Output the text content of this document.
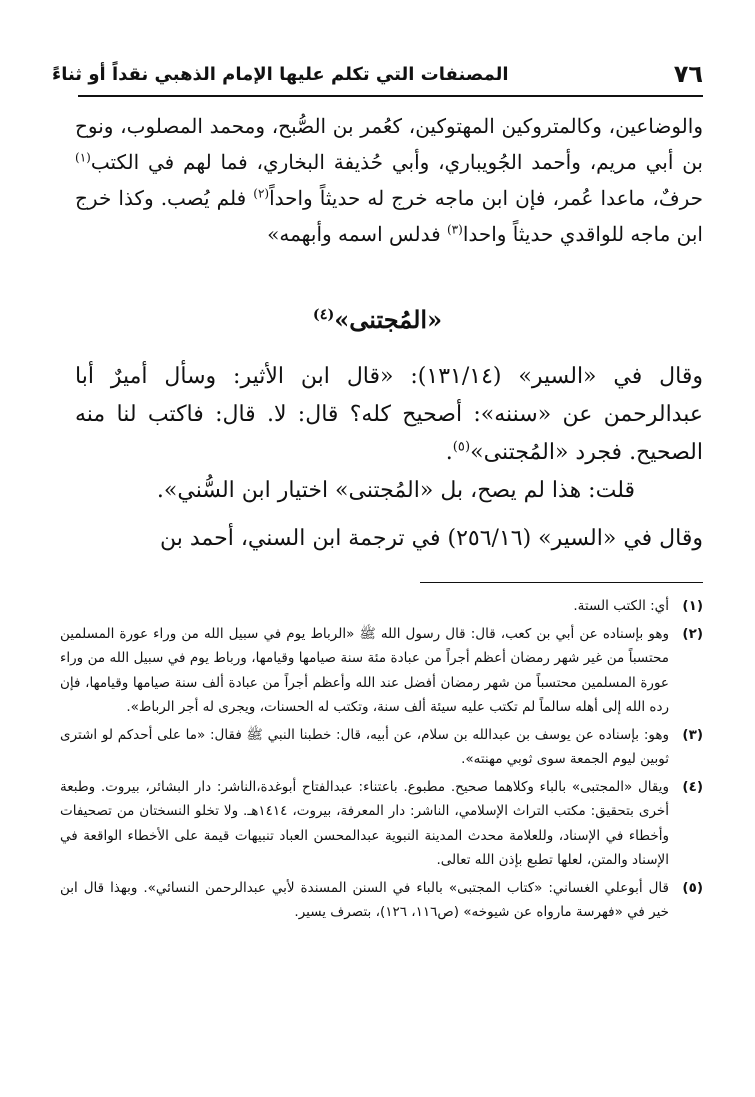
٧٦
المصنفات التي تكلم عليها الإمام الذهبي نقداً أو ثناءً

والوضاعين، وكالمتروكين المهتوكين، كعُمر بن الصُّبح، ومحمد المصلوب، ونوح بن أبي مريم، وأحمد الجُويباري، وأبي حُذيفة البخاري، فما لهم في الكتب$^{(١)}$ حرفٌ، ماعدا عُمر، فإن ابن ماجه خرج له حديثاً واحداً$^{(٢)}$ فلم يُصب. وكذا خرج ابن ماجه للواقدي حديثاً واحدا$^{(٣)}$ فدلس اسمه وأبهمه»

«المُجتنى»$^{(٤)}$

وقال في «السير» (١٣١/١٤): «قال ابن الأثير: وسأل أميرٌ أبا عبدالرحمن عن «سننه»: أصحيح كله؟ قال: لا. قال: فاكتب لنا منه الصحيح. فجرد «المُجتنى»$^{(٥)}$.

قلت: هذا لم يصح، بل «المُجتنى» اختيار ابن السُّني».

وقال في «السير» (٢٥٦/١٦) في ترجمة ابن السني، أحمد بن

(١)
أي: الكتب الستة.
(٢)
وهو بإسناده عن أبي بن كعب، قال: قال رسول الله ﷺ «الرباط يوم في سبيل الله من وراء عورة المسلمين محتسباً من غير شهر رمضان أعظم أجراً من عبادة مئة سنة صيامها وقيامها، ورباط يوم في سبيل الله من وراء عورة المسلمين محتسباً من شهر رمضان أفضل عند الله وأعظم أجراً من عبادة ألف سنة صيامها وقيامها، فإن رده الله إلى أهله سالماً لم تكتب عليه سيئة ألف سنة، وتكتب له الحسنات، ويجرى له أجر الرباط».
(٣)
وهو: بإسناده عن يوسف بن عبدالله بن سلام، عن أبيه، قال: خطبنا النبي ﷺ فقال: «ما على أحدكم لو اشترى ثوبين ليوم الجمعة سوى ثوبي مهنته».
(٤)
ويقال «المجتبى» بالباء وكلاهما صحيح. مطبوع. باعتناء: عبدالفتاح أبوغدة،الناشر: دار البشائر، بيروت. وطبعة أخرى بتحقيق: مكتب التراث الإسلامي، الناشر: دار المعرفة، بيروت، ١٤١٤هـ. ولا تخلو النسختان من تصحيفات وأخطاء في الإسناد، وللعلامة محدث المدينة النبوية عبدالمحسن العباد تنبيهات قيمة على الأخطاء الواقعة في الإسناد والمتن، لعلها تطبع بإذن الله تعالى.
(٥)
قال أبوعلي الغساني: «كتاب المجتبى» بالباء في السنن المسندة لأبي عبدالرحمن النسائي». وبهذا قال ابن خير في «فهرسة مارواه عن شيوخه» (ص١١٦، ١٢٦)، بتصرف يسير.
